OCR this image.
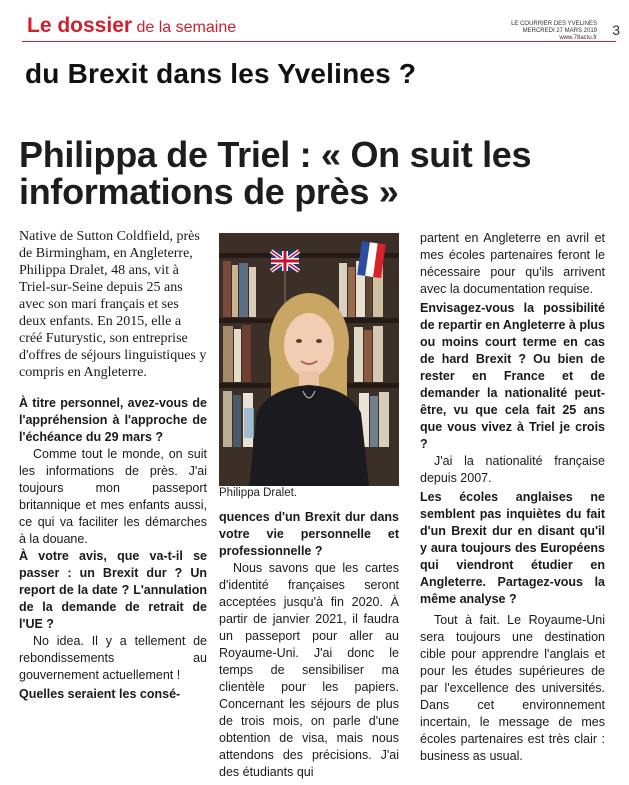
Le dossier de la semaine	LE COURRIER DES YVELINES
MERCREDI 27 MARS 2019
www.78actu.fr 3
du Brexit dans les Yvelines ?
Philippa de Triel : « On suit les informations de près »

Native de Sutton Coldfield, près de Birmingham, en Angleterre, Philippa Dralet, 48 ans, vit à Triel-sur-Seine depuis 25 ans avec son mari français et ses deux enfants. En 2015, elle a créé Futurystic, son entreprise d'offres de séjours linguistiques y compris en Angleterre.

À titre personnel, avez-vous de l'appréhension à l'approche de l'échéance du 29 mars ?

Comme tout le monde, on suit les informations de près. J'ai toujours mon passeport britannique et mes enfants aussi, ce qui va faciliter les démarches à la douane.

À votre avis, que va-t-il se passer : un Brexit dur ? Un report de la date ? L'annulation de la demande de retrait de l'UE ?

No idea. Il y a tellement de rebondissements au gouvernement actuellement !

Quelles seraient les consé-

Philippa Dralet.

quences d'un Brexit dur dans votre vie personnelle et professionnelle ?

Nous savons que les cartes d'identité françaises seront acceptées jusqu'à fin 2020. À partir de janvier 2021, il faudra un passeport pour aller au Royaume-Uni. J'ai donc le temps de sensibiliser ma clientèle pour les papiers. Concernant les séjours de plus de trois mois, on parle d'une obtention de visa, mais nous attendons des précisions. J'ai des étudiants qui

partent en Angleterre en avril et mes écoles partenaires feront le nécessaire pour qu'ils arrivent avec la documentation requise.

Envisagez-vous la possibilité de repartir en Angleterre à plus ou moins court terme en cas de hard Brexit ? Ou bien de rester en France et de demander la nationalité peut-être, vu que cela fait 25 ans que vous vivez à Triel je crois ?

J'ai la nationalité française depuis 2007.

Les écoles anglaises ne semblent pas inquiètes du fait d'un Brexit dur en disant qu'il y aura toujours des Européens qui viendront étudier en Angleterre. Partagez-vous la même analyse ?

Tout à fait. Le Royaume-Uni sera toujours une destination cible pour apprendre l'anglais et pour les études supérieures de par l'excellence des universités. Dans cet environnement incertain, le message de mes écoles partenaires est très clair : business as usual.
